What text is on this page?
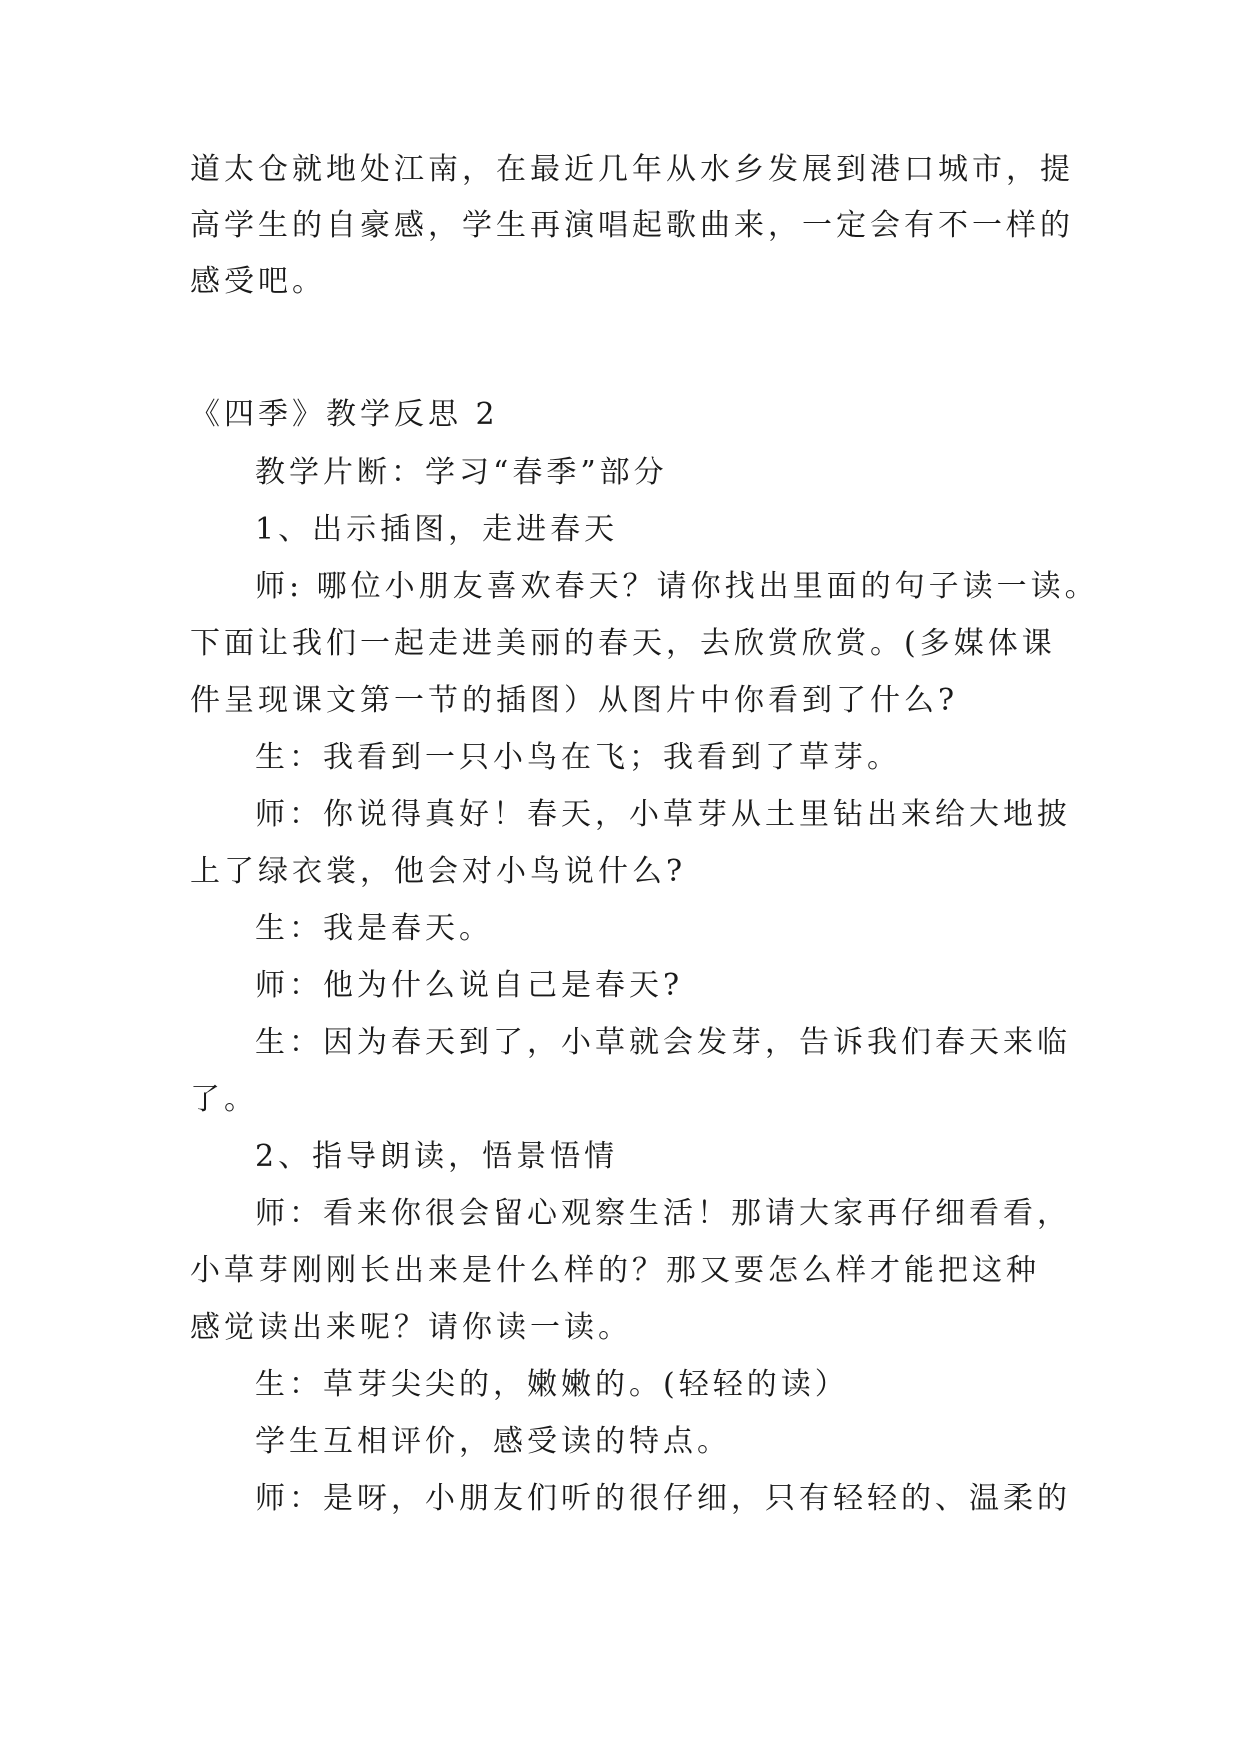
道太仓就地处江南，在最近几年从水乡发展到港口城市，提
高学生的自豪感，学生再演唱起歌曲来，一定会有不一样的
感受吧。
《四季》教学反思 2
教学片断：学习“春季”部分
1、出示插图，走进春天
师: 哪位小朋友喜欢春天？请你找出里面的句子读一读。
下面让我们一起走进美丽的春天，去欣赏欣赏。(多媒体课
件呈现课文第一节的插图）从图片中你看到了什么?
生：我看到一只小鸟在飞；我看到了草芽。
师：你说得真好！春天，小草芽从土里钻出来给大地披
上了绿衣裳，他会对小鸟说什么?
生：我是春天。
师：他为什么说自己是春天?
生：因为春天到了，小草就会发芽，告诉我们春天来临
了。
2、指导朗读，悟景悟情
师：看来你很会留心观察生活！那请大家再仔细看看，
小草芽刚刚长出来是什么样的？那又要怎么样才能把这种
感觉读出来呢？请你读一读。
生：草芽尖尖的，嫩嫩的。(轻轻的读）
学生互相评价，感受读的特点。
师：是呀，小朋友们听的很仔细，只有轻轻的、温柔的
